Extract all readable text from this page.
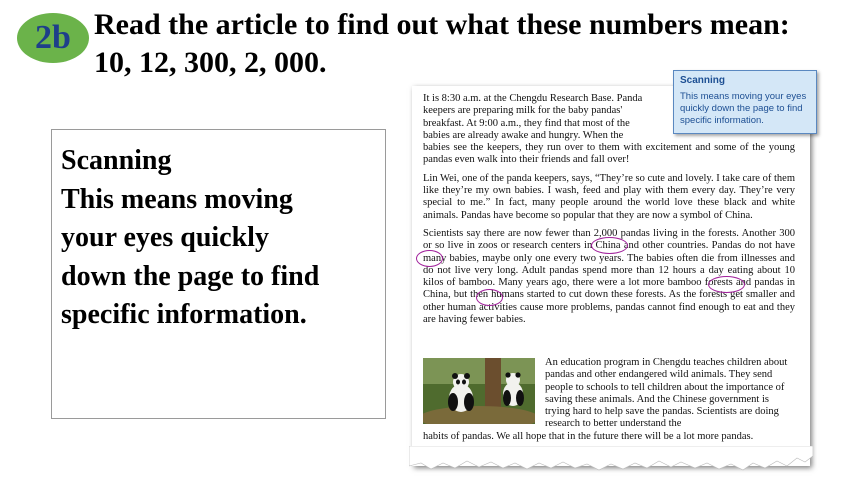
2b Read the article to find out what these numbers mean: 10, 12, 300, 2, 000.
Scanning
This means moving
your eyes quickly
down the page to find
specific information.

It is 8:30 a.m. at the Chengdu Research Base. Panda
keepers are preparing milk for the baby pandas'
breakfast. At 9:00 a.m., they find that most of the
babies are already awake and hungry. When the

babies see the keepers, they run over to them with excitement and some of the young pandas even walk into their friends and fall over!

Lin Wei, one of the panda keepers, says, “They’re so cute and lovely. I take care of them like they’re my own babies. I wash, feed and play with them every day. They’re very special to me.” In fact, many people around the world love these black and white animals. Pandas have become so popular that they are now a symbol of China.

Scientists say there are now fewer than 2,000 pandas living in the forests. Another 300 or so live in zoos or research centers in China and other countries. Pandas do not have many babies, maybe only one every two years. The babies often die from illnesses and do not live very long. Adult pandas spend more than 12 hours a day eating about 10 kilos of bamboo. Many years ago, there were a lot more bamboo forests and pandas in China, but then humans started to cut down these forests. As the forests get smaller and other human activities cause more problems, pandas cannot find enough to eat and they are having fewer babies.

An education program in Chengdu teaches children about pandas and other endangered wild animals. They send people to schools to tell children about the importance of saving these animals. And the Chinese government is trying hard to help save the pandas. Scientists are doing research to better understand the
habits of pandas. We all hope that in the future there will be a lot more pandas.
Scanning
This means moving your eyes quickly down the page to find specific information.
